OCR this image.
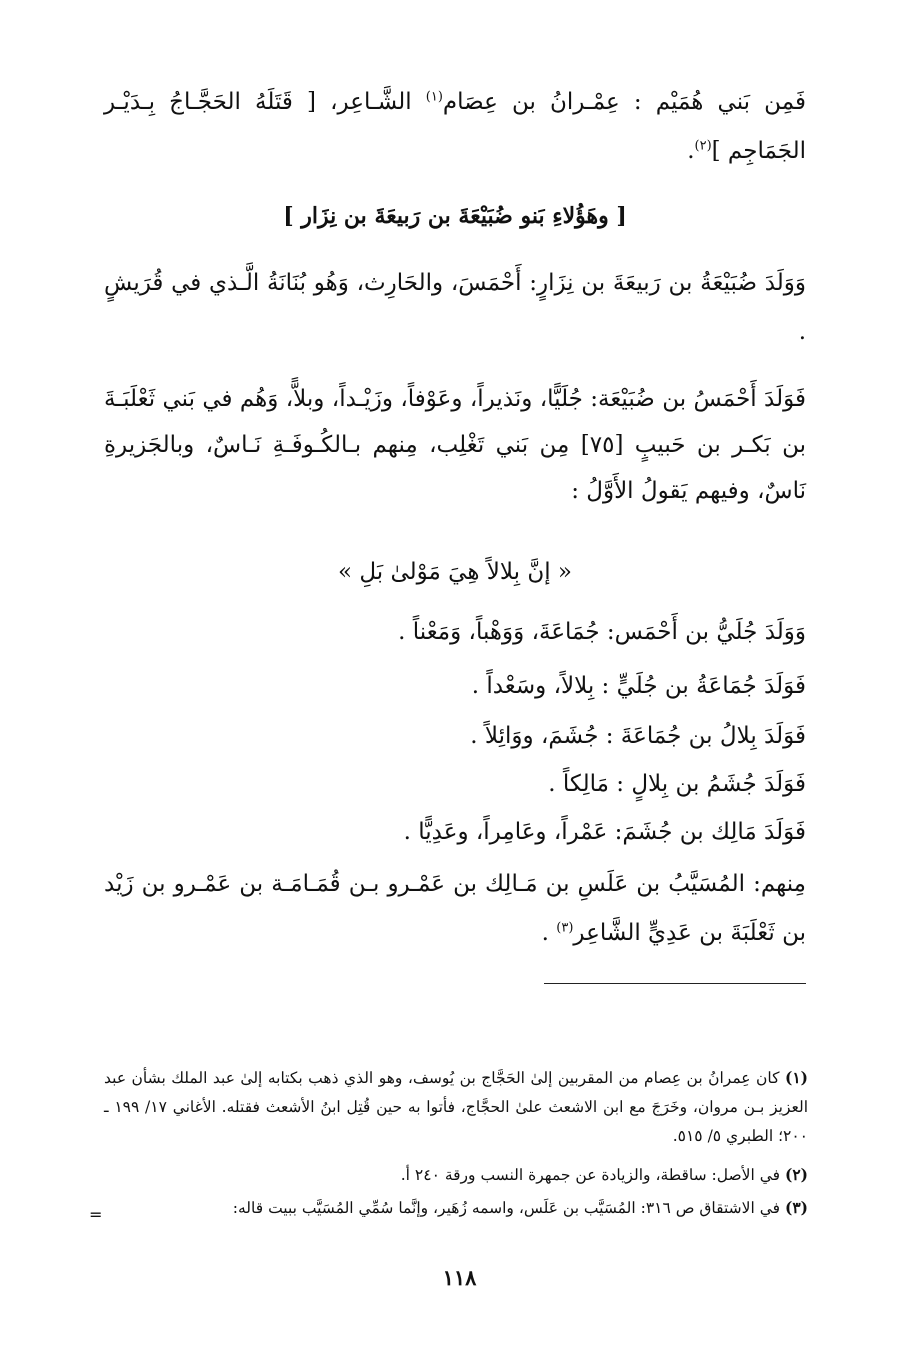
فَمِن بَني هُمَيْم : عِمْـرانُ بن عِصَام$^{(١)}$ الشَّـاعِر، [ قَتَلَهُ الحَجَّـاجُ بِـدَيْـر الجَمَاجِم ]$^{(٢)}$.
[ وهَؤُلاءِ بَنو ضُبَيْعَةَ بن رَبيعَةَ بن نِزَار ]
وَوَلَدَ ضُبَيْعَةُ بن رَبيعَةَ بن نِزَارٍ: أَحْمَسَ، والحَارِث، وَهُو بُنَانَةُ الَّـذي في قُرَيشٍ .
فَوَلَدَ أَحْمَسُ بن ضُبَيْعَة: جُلَيًّا، ونَذيراً، وعَوْفاً، وزَيْـداً، وبلاًّ، وَهُم في بَني ثَعْلَبَـةَ بن بَكـر بن حَبيبٍ [٧٥] مِن بَني تَغْلِب، مِنهم بـالكُـوفَـةِ نَـاسٌ، وبالجَزيرةِ نَاسٌ، وفيهم يَقولُ الأَوَّلُ :
« إنَّ بِلالاً هِيَ مَوْلىٰ بَلِ »
وَوَلَدَ جُلَيُّ بن أَحْمَس: جُمَاعَةَ، وَوَهْباً، وَمَعْناً .
فَوَلَدَ جُمَاعَةُ بن جُلَيٍّ : بِلالاً، وسَعْداً .
فَوَلَدَ بِلالُ بن جُمَاعَةَ : جُشَمَ، ووَائِلاً .
فَوَلَدَ جُشَمُ بن بِلالٍ : مَالِكاً .
فَوَلَدَ مَالِك بن جُشَمَ: عَمْراً، وعَامِراً، وعَدِيًّا .
مِنهم: المُسَيَّبُ بن عَلَسِ بن مَـالِك بن عَمْـرو بـن قُمَـامَـة بن عَمْـرو بن زَيْد بن ثَعْلَبَةَ بن عَدِيٍّ الشَّاعِر$^{(٣)}$ .
(١) كان عِمرانُ بن عِصام من المقربين إلىٰ الحَجَّاج بن يُوسف، وهو الذي ذهب بكتابه إلىٰ عبد الملك بشأن عبد العزيز بـن مروان، وخَرَجَ مع ابن الاشعث علىٰ الحجَّاج، فأتوا به حين قُتِل ابنُ الأشعث فقتله. الأغاني ١٧/ ١٩٩ ـ ٢٠٠؛ الطبري ٥/ ٥١٥.
(٢) في الأصل: ساقطة، والزيادة عن جمهرة النسب ورقة ٢٤٠ أ.
(٣) في الاشتقاق ص ٣١٦: المُسَيَّب بن عَلَس، واسمه زُهَير، وإنَّما سُمِّي المُسَيَّب ببيت قاله:
=
١١٨
